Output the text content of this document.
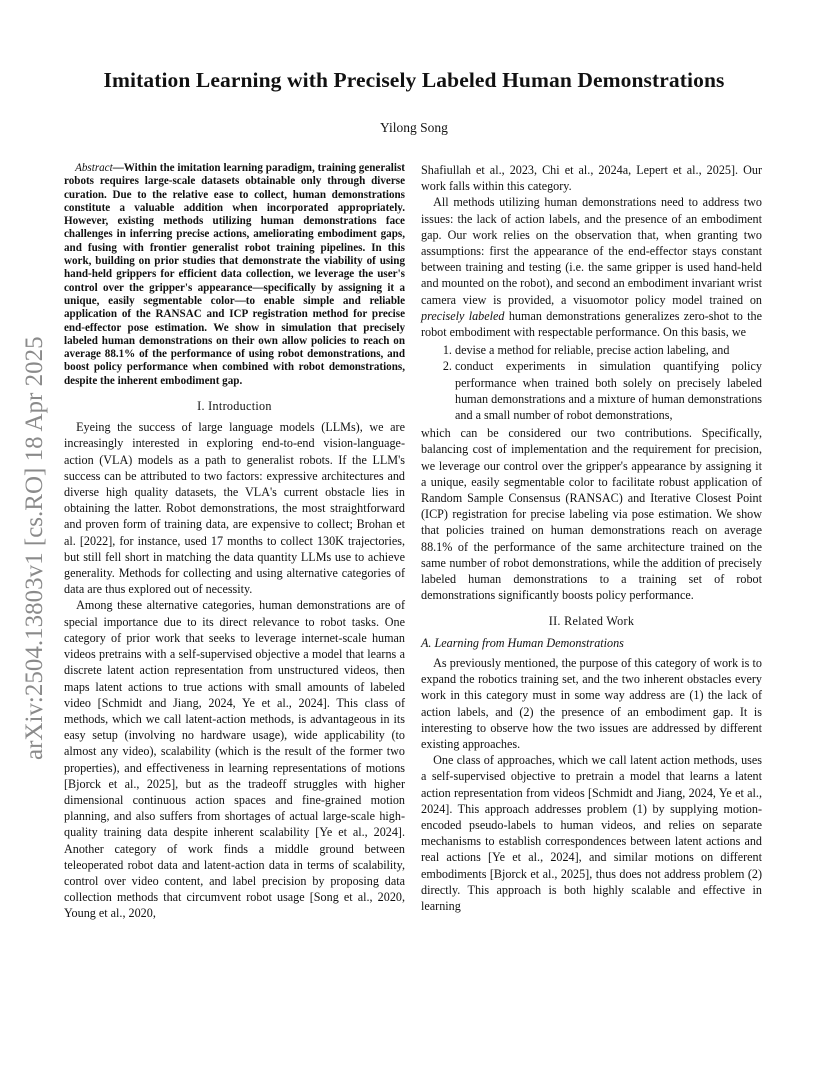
Imitation Learning with Precisely Labeled Human Demonstrations
Yilong Song
arXiv:2504.13803v1 [cs.RO] 18 Apr 2025

Abstract—Within the imitation learning paradigm, training generalist robots requires large-scale datasets obtainable only through diverse curation. Due to the relative ease to collect, human demonstrations constitute a valuable addition when incorporated appropriately. However, existing methods utilizing human demonstrations face challenges in inferring precise actions, ameliorating embodiment gaps, and fusing with frontier generalist robot training pipelines. In this work, building on prior studies that demonstrate the viability of using hand-held grippers for efficient data collection, we leverage the user's control over the gripper's appearance—specifically by assigning it a unique, easily segmentable color—to enable simple and reliable application of the RANSAC and ICP registration method for precise end-effector pose estimation. We show in simulation that precisely labeled human demonstrations on their own allow policies to reach on average 88.1% of the performance of using robot demonstrations, and boost policy performance when combined with robot demonstrations, despite the inherent embodiment gap.

I. Introduction

Eyeing the success of large language models (LLMs), we are increasingly interested in exploring end-to-end vision-language-action (VLA) models as a path to generalist robots. If the LLM's success can be attributed to two factors: expressive architectures and diverse high quality datasets, the VLA's current obstacle lies in obtaining the latter. Robot demonstrations, the most straightforward and proven form of training data, are expensive to collect; Brohan et al. [2022], for instance, used 17 months to collect 130K trajectories, but still fell short in matching the data quantity LLMs use to achieve generality. Methods for collecting and using alternative categories of data are thus explored out of necessity.

Among these alternative categories, human demonstrations are of special importance due to its direct relevance to robot tasks. One category of prior work that seeks to leverage internet-scale human videos pretrains with a self-supervised objective a model that learns a discrete latent action representation from unstructured videos, then maps latent actions to true actions with small amounts of labeled video [Schmidt and Jiang, 2024, Ye et al., 2024]. This class of methods, which we call latent-action methods, is advantageous in its easy setup (involving no hardware usage), wide applicability (to almost any video), scalability (which is the result of the former two properties), and effectiveness in learning representations of motions [Bjorck et al., 2025], but as the tradeoff struggles with higher dimensional continuous action spaces and fine-grained motion planning, and also suffers from shortages of actual large-scale high-quality training data despite inherent scalability [Ye et al., 2024]. Another category of work finds a middle ground between teleoperated robot data and latent-action data in terms of scalability, control over video content, and label precision by proposing data collection methods that circumvent robot usage [Song et al., 2020, Young et al., 2020,

Shafiullah et al., 2023, Chi et al., 2024a, Lepert et al., 2025]. Our work falls within this category.

All methods utilizing human demonstrations need to address two issues: the lack of action labels, and the presence of an embodiment gap. Our work relies on the observation that, when granting two assumptions: first the appearance of the end-effector stays constant between training and testing (i.e. the same gripper is used hand-held and mounted on the robot), and second an embodiment invariant wrist camera view is provided, a visuomotor policy model trained on precisely labeled human demonstrations generalizes zero-shot to the robot embodiment with respectable performance. On this basis, we

1. devise a method for reliable, precise action labeling, and
2. conduct experiments in simulation quantifying policy performance when trained both solely on precisely labeled human demonstrations and a mixture of human demonstrations and a small number of robot demonstrations,

which can be considered our two contributions. Specifically, balancing cost of implementation and the requirement for precision, we leverage our control over the gripper's appearance by assigning it a unique, easily segmentable color to facilitate robust application of Random Sample Consensus (RANSAC) and Iterative Closest Point (ICP) registration for precise labeling via pose estimation. We show that policies trained on human demonstrations reach on average 88.1% of the performance of the same architecture trained on the same number of robot demonstrations, while the addition of precisely labeled human demonstrations to a training set of robot demonstrations significantly boosts policy performance.

II. Related Work
A. Learning from Human Demonstrations

As previously mentioned, the purpose of this category of work is to expand the robotics training set, and the two inherent obstacles every work in this category must in some way address are (1) the lack of action labels, and (2) the presence of an embodiment gap. It is interesting to observe how the two issues are addressed by different existing approaches.

One class of approaches, which we call latent action methods, uses a self-supervised objective to pretrain a model that learns a latent action representation from videos [Schmidt and Jiang, 2024, Ye et al., 2024]. This approach addresses problem (1) by supplying motion-encoded pseudo-labels to human videos, and relies on separate mechanisms to establish correspondences between latent actions and real actions [Ye et al., 2024], and similar motions on different embodiments [Bjorck et al., 2025], thus does not address problem (2) directly. This approach is both highly scalable and effective in learning
